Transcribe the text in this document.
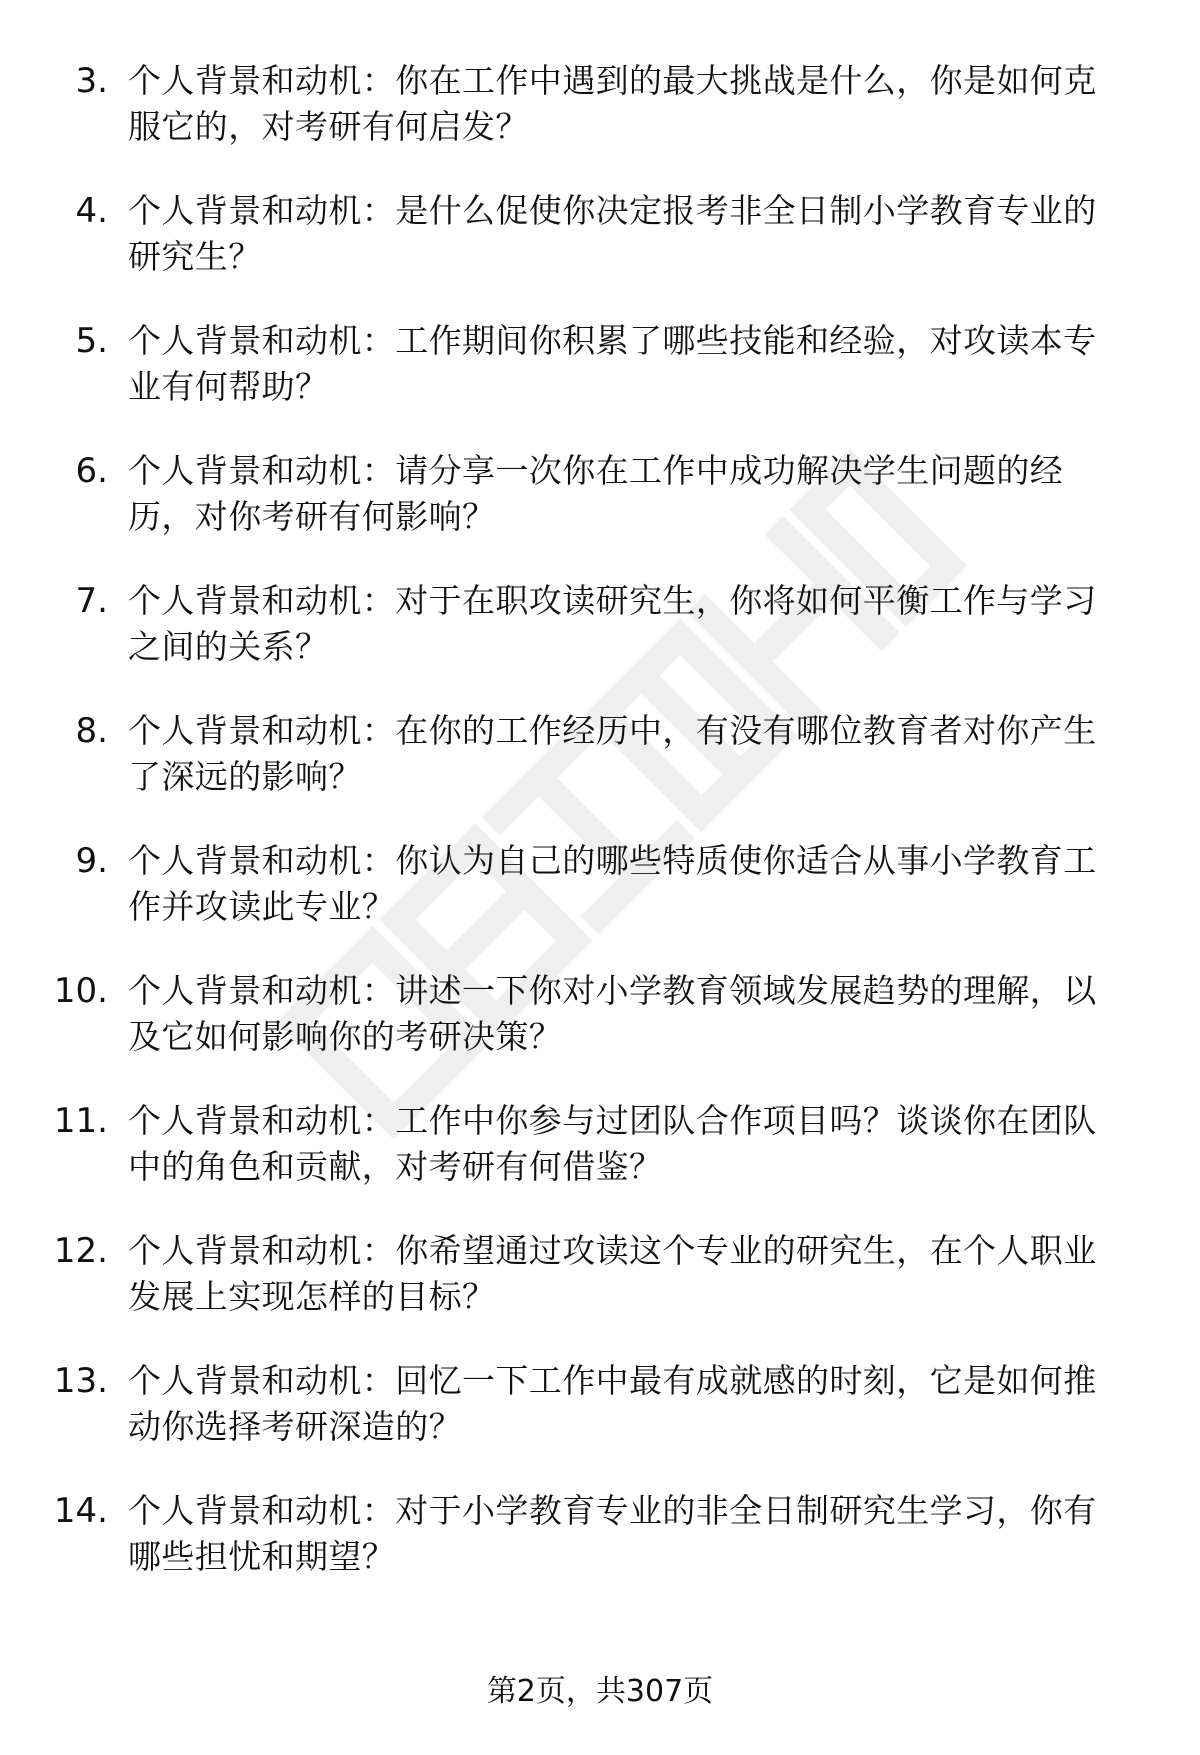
3. 个人背景和动机：你在工作中遇到的最大挑战是什么，你是如何克服它的，对考研有何启发？
4. 个人背景和动机：是什么促使你决定报考非全日制小学教育专业的研究生？
5. 个人背景和动机：工作期间你积累了哪些技能和经验，对攻读本专业有何帮助？
6. 个人背景和动机：请分享一次你在工作中成功解决学生问题的经历，对你考研有何影响？
7. 个人背景和动机：对于在职攻读研究生，你将如何平衡工作与学习之间的关系？
8. 个人背景和动机：在你的工作经历中，有没有哪位教育者对你产生了深远的影响？
9. 个人背景和动机：你认为自己的哪些特质使你适合从事小学教育工作并攻读此专业？
10. 个人背景和动机：讲述一下你对小学教育领域发展趋势的理解，以及它如何影响你的考研决策？
11. 个人背景和动机：工作中你参与过团队合作项目吗？谈谈你在团队中的角色和贡献，对考研有何借鉴？
12. 个人背景和动机：你希望通过攻读这个专业的研究生，在个人职业发展上实现怎样的目标？
13. 个人背景和动机：回忆一下工作中最有成就感的时刻，它是如何推动你选择考研深造的？
14. 个人背景和动机：对于小学教育专业的非全日制研究生学习，你有哪些担忧和期望？
第2页，共307页
